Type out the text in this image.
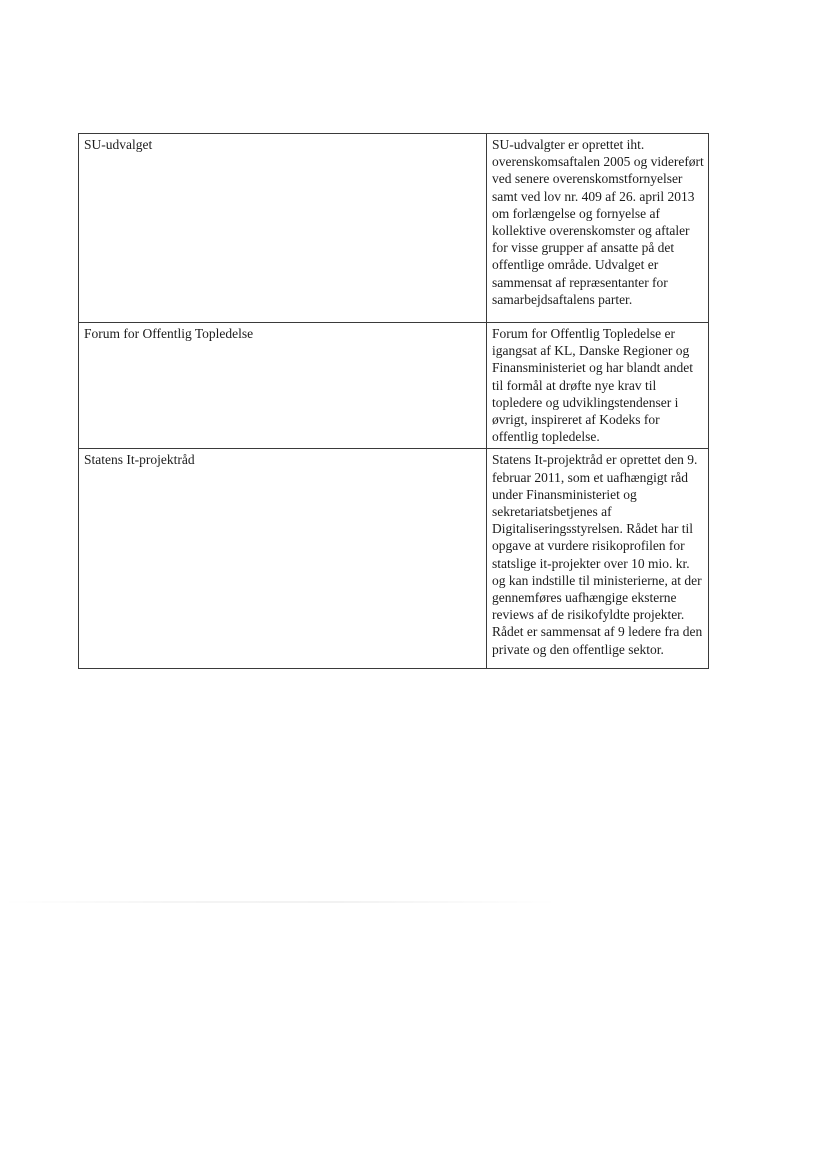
SU-udvalget	SU-udvalgter er oprettet iht. overenskomsaftalen 2005 og videreført ved senere overenskomstfornyelser samt ved lov nr. 409 af 26. april 2013 om forlængelse og fornyelse af kollektive overenskomster og aftaler for visse grupper af ansatte på det offentlige område. Udvalget er sammensat af repræsentanter for samarbejdsaftalens parter.
Forum for Offentlig Topledelse	Forum for Offentlig Topledelse er igangsat af KL, Danske Regioner og Finansministeriet og har blandt andet til formål at drøfte nye krav til topledere og udviklingstendenser i øvrigt, inspireret af Kodeks for offentlig topledelse.
Statens It-projektråd	Statens It-projektråd er oprettet den 9. februar 2011, som et uafhængigt råd under Finansministeriet og sekretariatsbetjenes af Digitaliseringsstyrelsen. Rådet har til opgave at vurdere risikoprofilen for statslige it-projekter over 10 mio. kr. og kan indstille til ministerierne, at der gennemføres uafhængige eksterne reviews af de risikofyldte projekter. Rådet er sammensat af 9 ledere fra den private og den offentlige sektor.
